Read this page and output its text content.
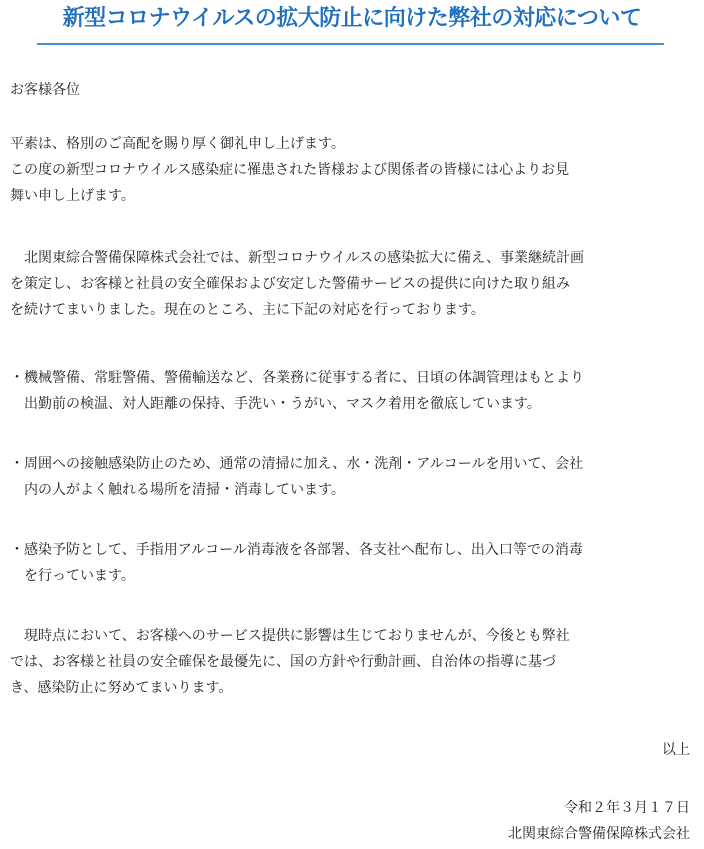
新型コロナウイルスの拡大防止に向けた弊社の対応について
お客様各位
平素は、格別のご高配を賜り厚く御礼申し上げます。
この度の新型コロナウイルス感染症に罹患された皆様および関係者の皆様には心よりお見
舞い申し上げます。
北関東綜合警備保障株式会社では、新型コロナウイルスの感染拡大に備え、事業継続計画
を策定し、お客様と社員の安全確保および安定した警備サービスの提供に向けた取り組み
を続けてまいりました。現在のところ、主に下記の対応を行っております。
・機械警備、常駐警備、警備輸送など、各業務に従事する者に、日頃の体調管理はもとより
出勤前の検温、対人距離の保持、手洗い・うがい、マスク着用を徹底しています。
・周囲への接触感染防止のため、通常の清掃に加え、水・洗剤・アルコールを用いて、会社
内の人がよく触れる場所を清掃・消毒しています。
・感染予防として、手指用アルコール消毒液を各部署、各支社へ配布し、出入口等での消毒
を行っています。
現時点において、お客様へのサービス提供に影響は生じておりませんが、今後とも弊社
では、お客様と社員の安全確保を最優先に、国の方針や行動計画、自治体の指導に基づ
き、感染防止に努めてまいります。
以上
令和２年３月１７日
北関東綜合警備保障株式会社
